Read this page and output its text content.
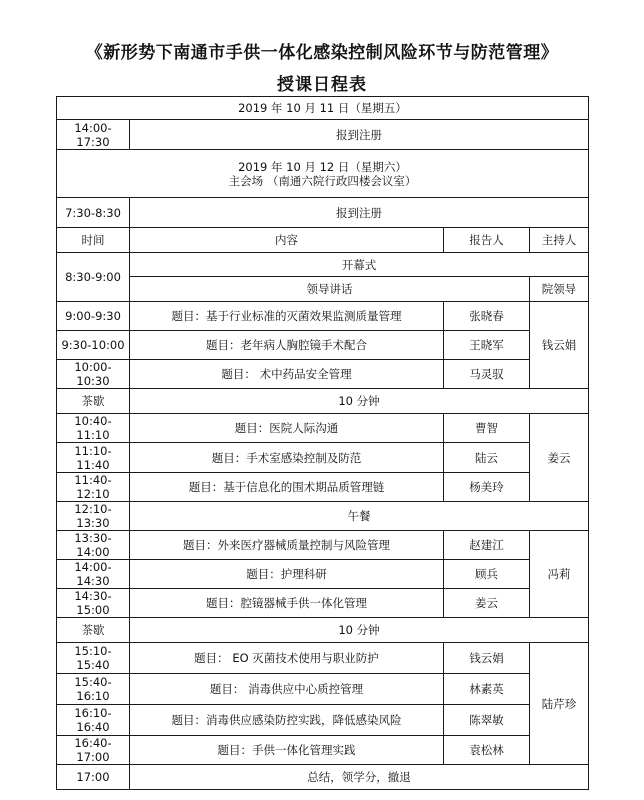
《新形势下南通市手供一体化感染控制风险环节与防范管理》
授课日程表
2019 年 10 月 11 日（星期五）			
14:00-17:30	报到注册		

2019 年 10 月 12 日（星期六）
主会场 （南通六院行政四楼会议室）			

7:30-8:30	报到注册		
时间	内容	报告人	主持人
8:30-9:00	开幕式		
	领导讲话		院领导
9:00-9:30	题目：基于行业标准的灭菌效果监测质量管理	张晓春	钱云娟
9:30-10:00	题目：老年病人胸腔镜手术配合	王晓军	
10:00-10:30	题目： 术中药品安全管理	马灵驭	
茶歇	10 分钟		
10:40-11:10	题目：医院人际沟通	曹智	姜云
11:10-11:40	题目：手术室感染控制及防范	陆云	
11:40-12:10	题目：基于信息化的围术期品质管理链	杨美玲	
12:10-13:30	午餐		
13:30-14:00	题目：外来医疗器械质量控制与风险管理	赵建江	冯莉
14:00-14:30	题目：护理科研	顾兵	
14:30-15:00	题目：腔镜器械手供一体化管理	姜云	
茶歇	10 分钟		
15:10-15:40	题目： EO 灭菌技术使用与职业防护	钱云娟	陆芹珍
15:40-16:10	题目： 消毒供应中心质控管理	林素英	
16:10-16:40	题目：消毒供应感染防控实践，降低感染风险	陈翠敏	
16:40-17:00	题目：手供一体化管理实践	袁松林	
17:00	总结，领学分，撤退		
